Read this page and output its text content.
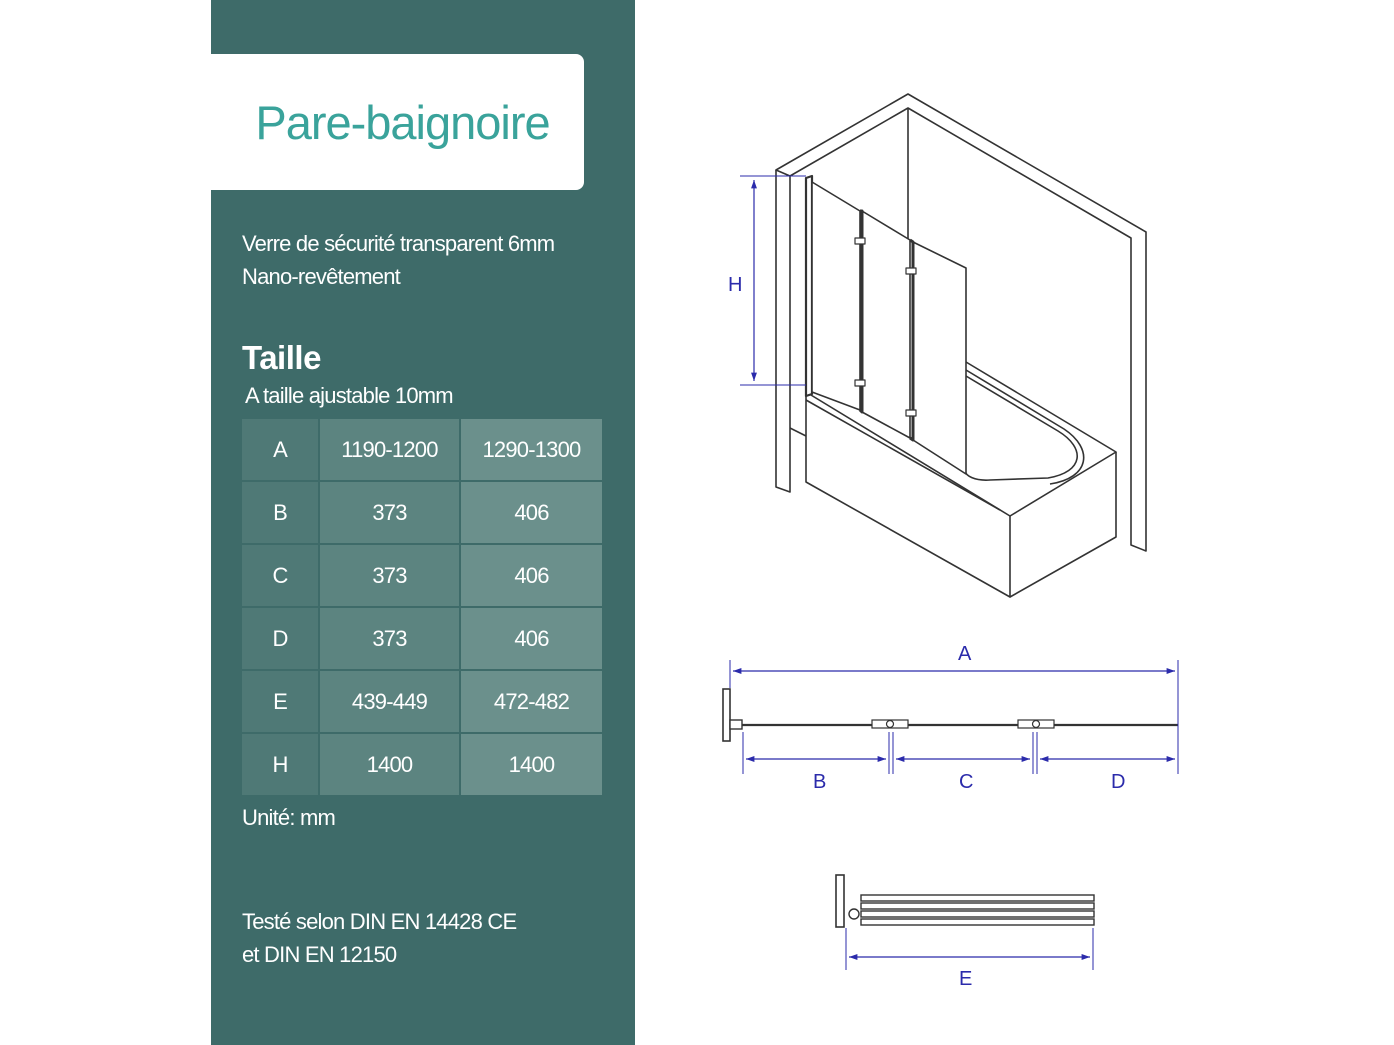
Pare-baignoire
Verre de sécurité transparent 6mm
Nano-revêtement
Taille
A taille ajustable 10mm
A	1190-1200	1290-1300
B	373	406
C	373	406
D	373	406
E	439-449	472-482
H	1400	1400
Unité: mm
Testé selon DIN EN 14428 CE
et DIN EN 12150
H
A
B	C	D
E
